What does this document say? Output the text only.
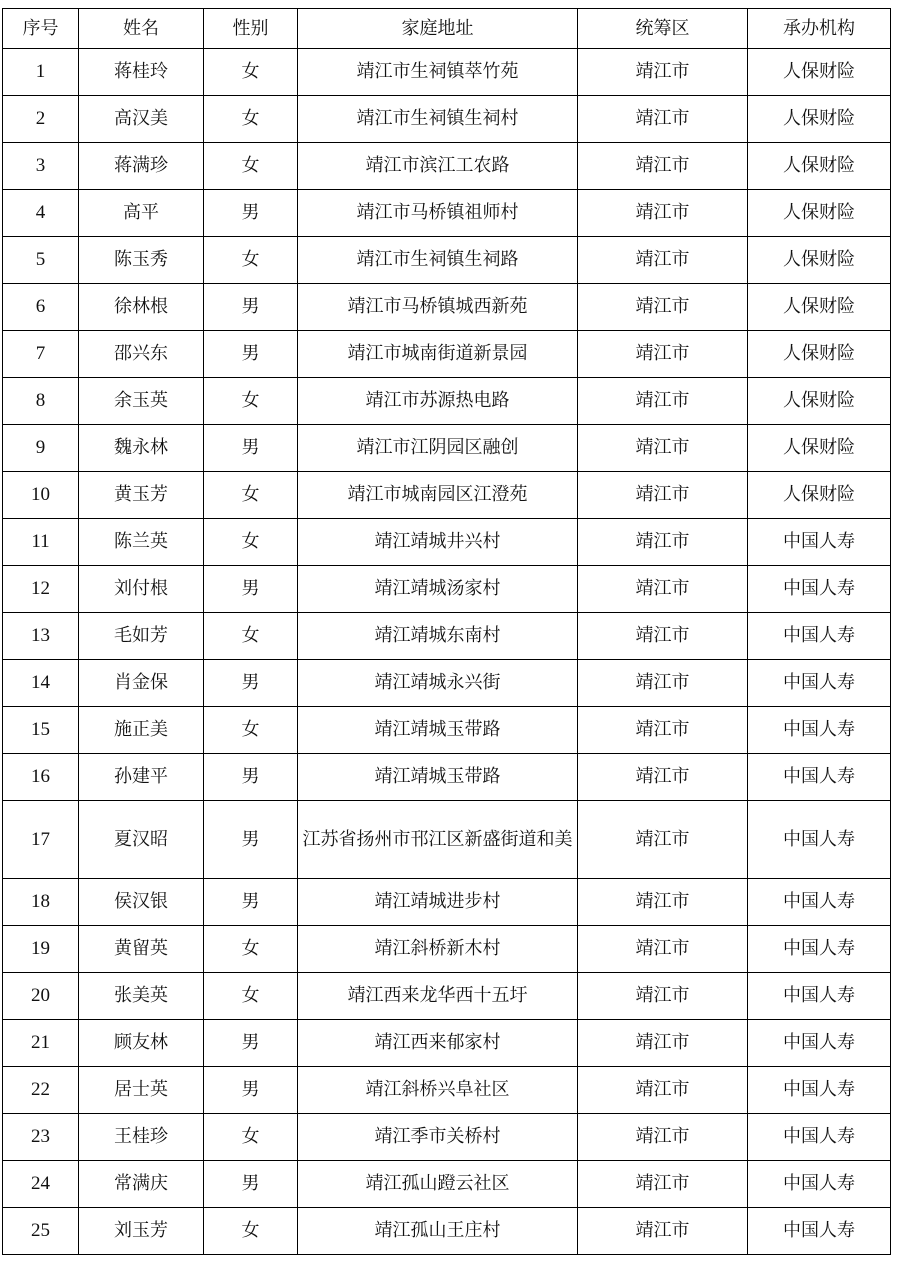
序号	姓名	性别	家庭地址	统筹区	承办机构
1	蒋桂玲	女	靖江市生祠镇萃竹苑	靖江市	人保财险
2	高汉美	女	靖江市生祠镇生祠村	靖江市	人保财险
3	蒋满珍	女	靖江市滨江工农路	靖江市	人保财险
4	高平	男	靖江市马桥镇祖师村	靖江市	人保财险
5	陈玉秀	女	靖江市生祠镇生祠路	靖江市	人保财险
6	徐林根	男	靖江市马桥镇城西新苑	靖江市	人保财险
7	邵兴东	男	靖江市城南街道新景园	靖江市	人保财险
8	余玉英	女	靖江市苏源热电路	靖江市	人保财险
9	魏永林	男	靖江市江阴园区融创	靖江市	人保财险
10	黄玉芳	女	靖江市城南园区江澄苑	靖江市	人保财险
11	陈兰英	女	靖江靖城井兴村	靖江市	中国人寿
12	刘付根	男	靖江靖城汤家村	靖江市	中国人寿
13	毛如芳	女	靖江靖城东南村	靖江市	中国人寿
14	肖金保	男	靖江靖城永兴街	靖江市	中国人寿
15	施正美	女	靖江靖城玉带路	靖江市	中国人寿
16	孙建平	男	靖江靖城玉带路	靖江市	中国人寿
17	夏汉昭	男	江苏省扬州市邗江区新盛街道和美	靖江市	中国人寿
18	侯汉银	男	靖江靖城进步村	靖江市	中国人寿
19	黄留英	女	靖江斜桥新木村	靖江市	中国人寿
20	张美英	女	靖江西来龙华西十五圩	靖江市	中国人寿
21	顾友林	男	靖江西来郁家村	靖江市	中国人寿
22	居士英	男	靖江斜桥兴阜社区	靖江市	中国人寿
23	王桂珍	女	靖江季市关桥村	靖江市	中国人寿
24	常满庆	男	靖江孤山蹬云社区	靖江市	中国人寿
25	刘玉芳	女	靖江孤山王庄村	靖江市	中国人寿
